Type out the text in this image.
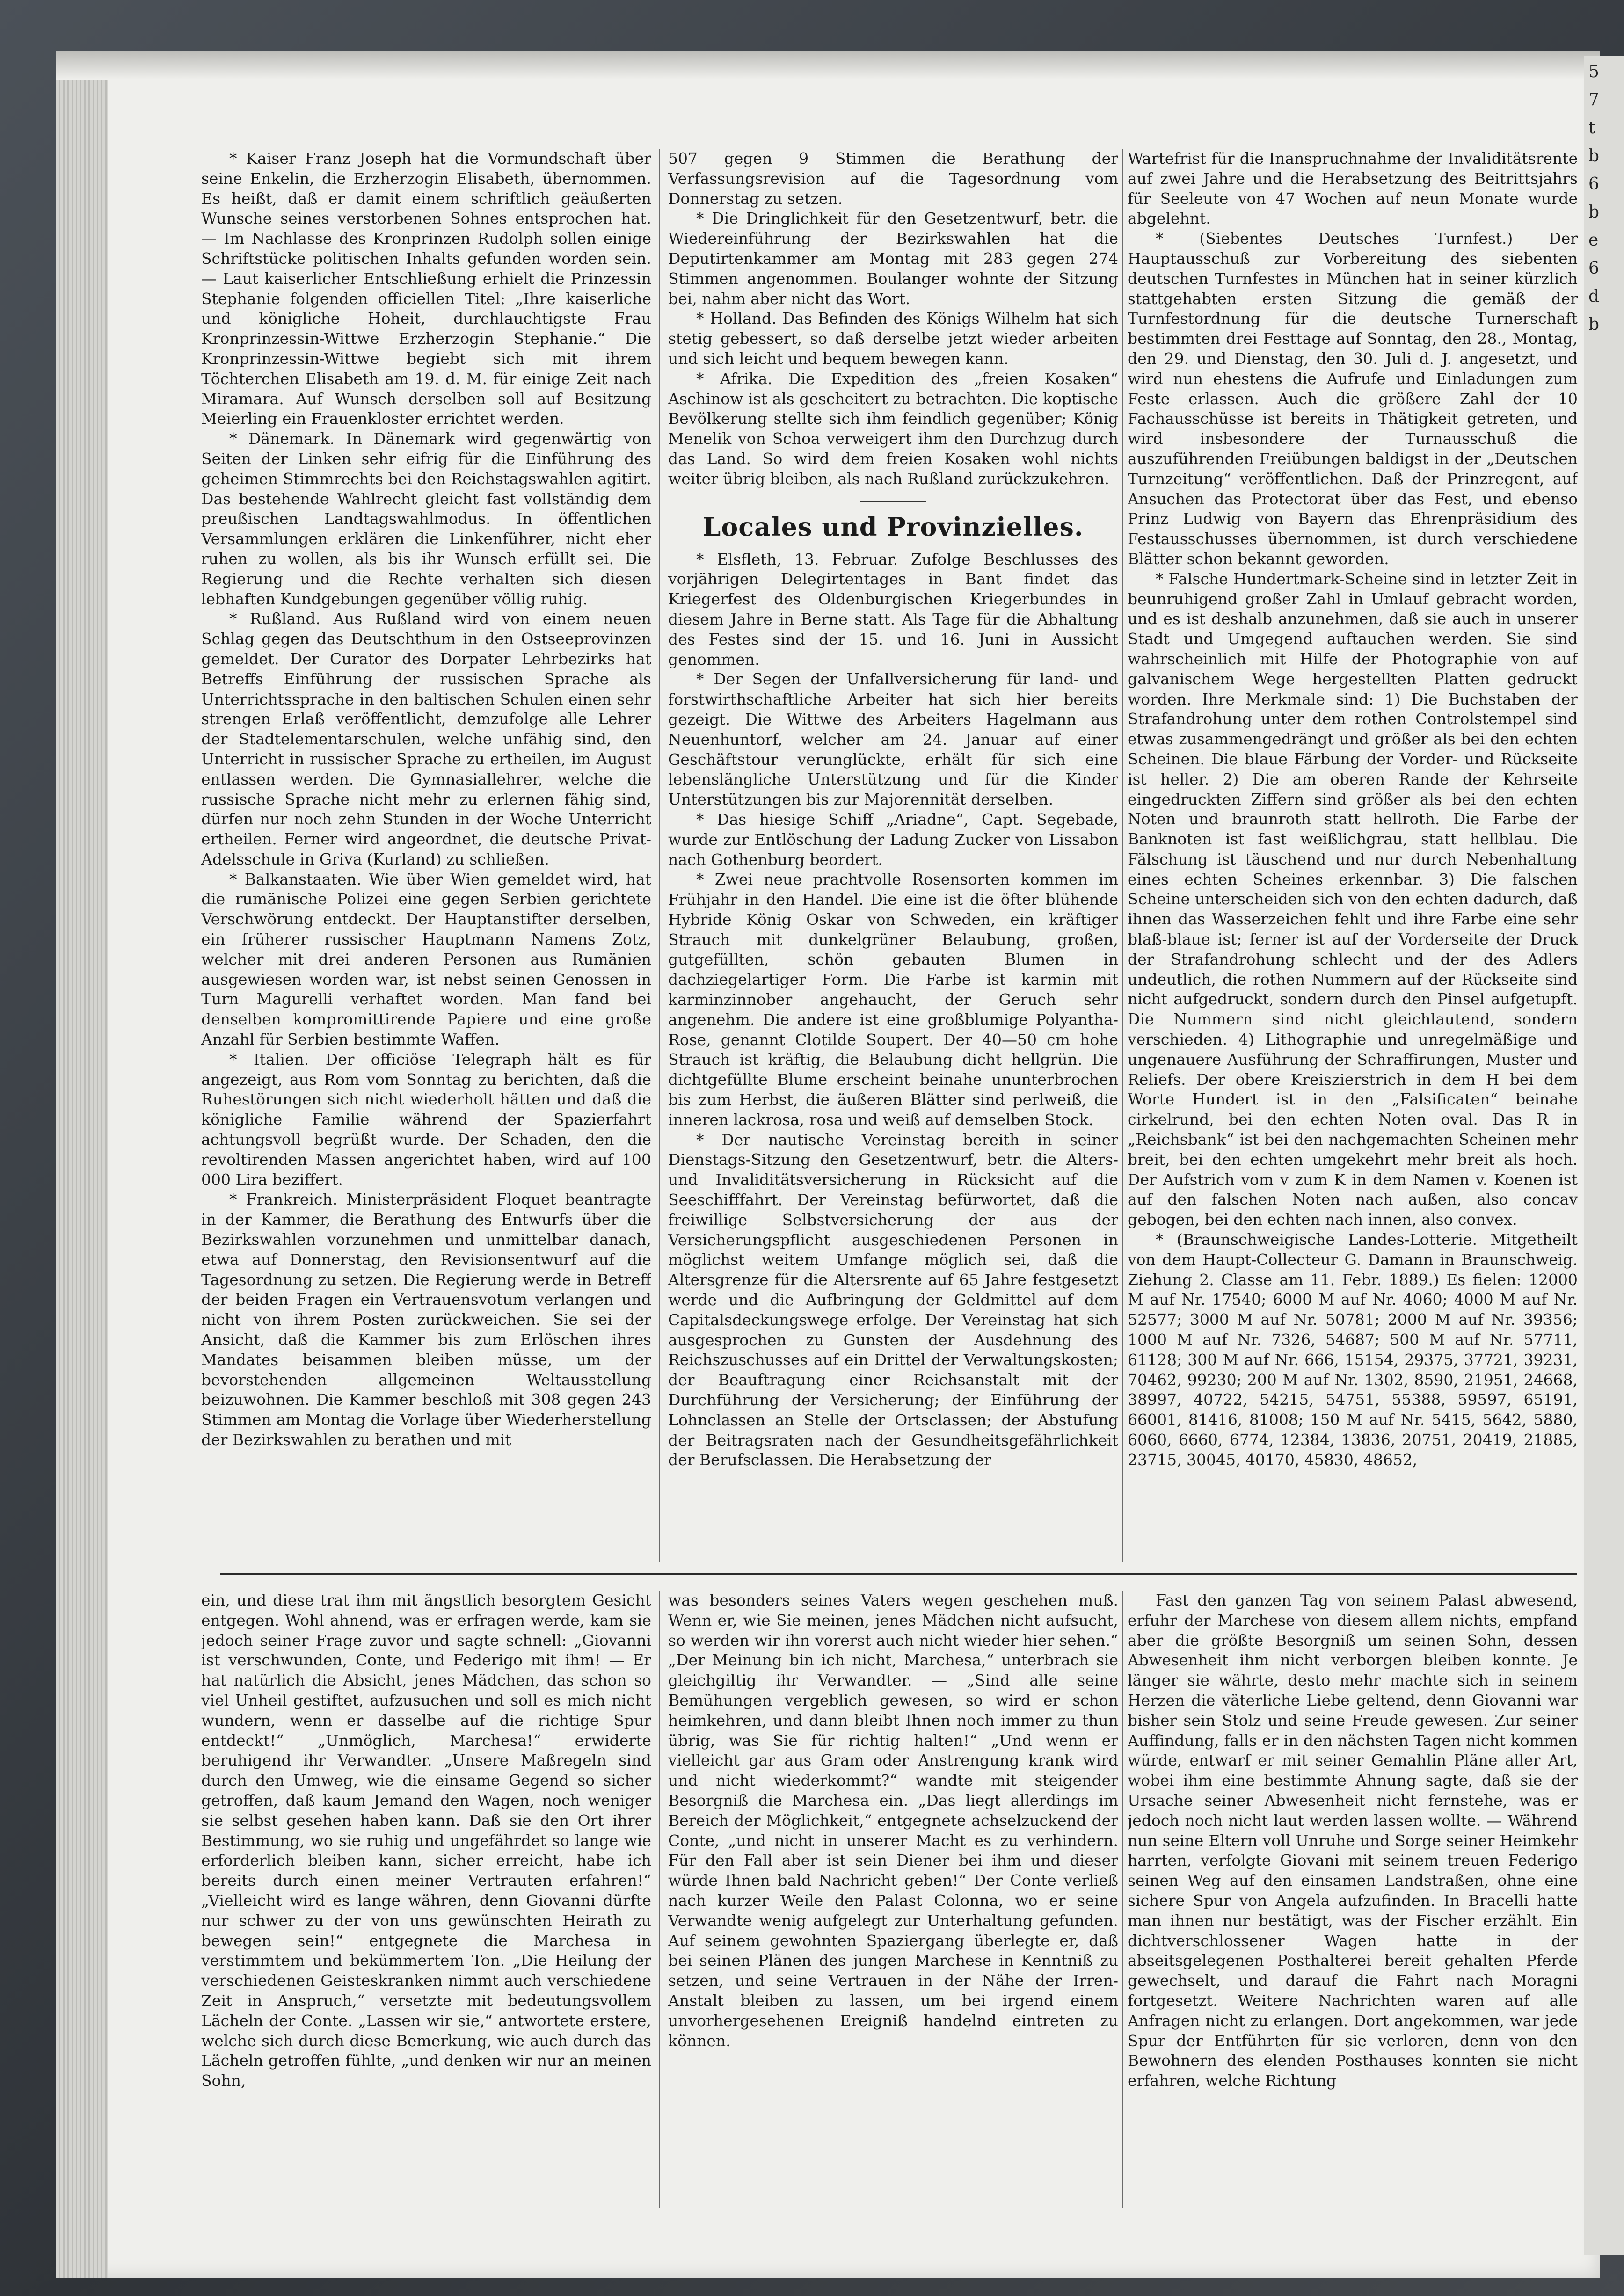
5
7
t
b
6
b
e
6
d
b

* Kaiser Franz Joseph hat die Vormundschaft über seine Enkelin, die Erzherzogin Elisabeth, übernommen. Es heißt, daß er damit einem schriftlich geäußerten Wunsche seines verstorbenen Sohnes entsprochen hat. — Im Nachlasse des Kronprinzen Rudolph sollen einige Schriftstücke politischen Inhalts gefunden worden sein. — Laut kaiserlicher Entschließung erhielt die Prinzessin Stephanie folgenden officiellen Titel: „Ihre kaiserliche und königliche Hoheit, durchlauchtigste Frau Kronprinzessin-Wittwe Erzherzogin Stephanie.“ Die Kronprinzessin-Wittwe begiebt sich mit ihrem Töchterchen Elisabeth am 19. d. M. für einige Zeit nach Miramara. Auf Wunsch derselben soll auf Besitzung Meierling ein Frauenkloster errichtet werden.

* Dänemark. In Dänemark wird gegenwärtig von Seiten der Linken sehr eifrig für die Einführung des geheimen Stimmrechts bei den Reichstagswahlen agitirt. Das bestehende Wahlrecht gleicht fast vollständig dem preußischen Landtagswahlmodus. In öffentlichen Versammlungen erklären die Linkenführer, nicht eher ruhen zu wollen, als bis ihr Wunsch erfüllt sei. Die Regierung und die Rechte verhalten sich diesen lebhaften Kundgebungen gegenüber völlig ruhig.

* Rußland. Aus Rußland wird von einem neuen Schlag gegen das Deutschthum in den Ostseeprovinzen gemeldet. Der Curator des Dorpater Lehrbezirks hat Betreffs Einführung der russischen Sprache als Unterrichtssprache in den baltischen Schulen einen sehr strengen Erlaß veröffentlicht, demzufolge alle Lehrer der Stadtelementarschulen, welche unfähig sind, den Unterricht in russischer Sprache zu ertheilen, im August entlassen werden. Die Gymnasiallehrer, welche die russische Sprache nicht mehr zu erlernen fähig sind, dürfen nur noch zehn Stunden in der Woche Unterricht ertheilen. Ferner wird angeordnet, die deutsche Privat-Adelsschule in Griva (Kurland) zu schließen.

* Balkanstaaten. Wie über Wien gemeldet wird, hat die rumänische Polizei eine gegen Serbien gerichtete Verschwörung entdeckt. Der Hauptanstifter derselben, ein früherer russischer Hauptmann Namens Zotz, welcher mit drei anderen Personen aus Rumänien ausgewiesen worden war, ist nebst seinen Genossen in Turn Magurelli verhaftet worden. Man fand bei denselben kompromittirende Papiere und eine große Anzahl für Serbien bestimmte Waffen.

* Italien. Der officiöse Telegraph hält es für angezeigt, aus Rom vom Sonntag zu berichten, daß die Ruhestörungen sich nicht wiederholt hätten und daß die königliche Familie während der Spazierfahrt achtungsvoll begrüßt wurde. Der Schaden, den die revoltirenden Massen angerichtet haben, wird auf 100 000 Lira beziffert.

* Frankreich. Ministerpräsident Floquet beantragte in der Kammer, die Berathung des Entwurfs über die Bezirkswahlen vorzunehmen und unmittelbar danach, etwa auf Donnerstag, den Revisionsentwurf auf die Tagesordnung zu setzen. Die Regierung werde in Betreff der beiden Fragen ein Vertrauensvotum verlangen und nicht von ihrem Posten zurückweichen. Sie sei der Ansicht, daß die Kammer bis zum Erlöschen ihres Mandates beisammen bleiben müsse, um der bevorstehenden allgemeinen Weltausstellung beizuwohnen. Die Kammer beschloß mit 308 gegen 243 Stimmen am Montag die Vorlage über Wiederherstellung der Bezirkswahlen zu berathen und mit

507 gegen 9 Stimmen die Berathung der Verfassungsrevision auf die Tagesordnung vom Donnerstag zu setzen.

* Die Dringlichkeit für den Gesetzentwurf, betr. die Wiedereinführung der Bezirkswahlen hat die Deputirtenkammer am Montag mit 283 gegen 274 Stimmen angenommen. Boulanger wohnte der Sitzung bei, nahm aber nicht das Wort.

* Holland. Das Befinden des Königs Wilhelm hat sich stetig gebessert, so daß derselbe jetzt wieder arbeiten und sich leicht und bequem bewegen kann.

* Afrika. Die Expedition des „freien Kosaken“ Aschinow ist als gescheitert zu betrachten. Die koptische Bevölkerung stellte sich ihm feindlich gegenüber; König Menelik von Schoa verweigert ihm den Durchzug durch das Land. So wird dem freien Kosaken wohl nichts weiter übrig bleiben, als nach Rußland zurückzukehren.

Locales und Provinzielles.

* Elsfleth, 13. Februar. Zufolge Beschlusses des vorjährigen Delegirtentages in Bant findet das Kriegerfest des Oldenburgischen Kriegerbundes in diesem Jahre in Berne statt. Als Tage für die Abhaltung des Festes sind der 15. und 16. Juni in Aussicht genommen.

* Der Segen der Unfallversicherung für land- und forstwirthschaftliche Arbeiter hat sich hier bereits gezeigt. Die Wittwe des Arbeiters Hagelmann aus Neuenhuntorf, welcher am 24. Januar auf einer Geschäftstour verunglückte, erhält für sich eine lebenslängliche Unterstützung und für die Kinder Unterstützungen bis zur Majorennität derselben.

* Das hiesige Schiff „Ariadne“, Capt. Segebade, wurde zur Entlöschung der Ladung Zucker von Lissabon nach Gothenburg beordert.

* Zwei neue prachtvolle Rosensorten kommen im Frühjahr in den Handel. Die eine ist die öfter blühende Hybride König Oskar von Schweden, ein kräftiger Strauch mit dunkelgrüner Belaubung, großen, gutgefüllten, schön gebauten Blumen in dachziegelartiger Form. Die Farbe ist karmin mit karminzinnober angehaucht, der Geruch sehr angenehm. Die andere ist eine großblumige Polyantha-Rose, genannt Clotilde Soupert. Der 40—50 cm hohe Strauch ist kräftig, die Belaubung dicht hellgrün. Die dichtgefüllte Blume erscheint beinahe ununterbrochen bis zum Herbst, die äußeren Blätter sind perlweiß, die inneren lackrosa, rosa und weiß auf demselben Stock.

* Der nautische Vereinstag bereith in seiner Dienstags-Sitzung den Gesetzentwurf, betr. die Alters- und Invaliditätsversicherung in Rücksicht auf die Seeschifffahrt. Der Vereinstag befürwortet, daß die freiwillige Selbstversicherung der aus der Versicherungspflicht ausgeschiedenen Personen in möglichst weitem Umfange möglich sei, daß die Altersgrenze für die Altersrente auf 65 Jahre festgesetzt werde und die Aufbringung der Geldmittel auf dem Capitalsdeckungswege erfolge. Der Vereinstag hat sich ausgesprochen zu Gunsten der Ausdehnung des Reichszuschusses auf ein Drittel der Verwaltungskosten; der Beauftragung einer Reichsanstalt mit der Durchführung der Versicherung; der Einführung der Lohnclassen an Stelle der Ortsclassen; der Abstufung der Beitragsraten nach der Gesundheitsgefährlichkeit der Berufsclassen. Die Herabsetzung der

Wartefrist für die Inanspruchnahme der Invaliditätsrente auf zwei Jahre und die Herabsetzung des Beitrittsjahrs für Seeleute von 47 Wochen auf neun Monate wurde abgelehnt.

* (Siebentes Deutsches Turnfest.) Der Hauptausschuß zur Vorbereitung des siebenten deutschen Turnfestes in München hat in seiner kürzlich stattgehabten ersten Sitzung die gemäß der Turnfestordnung für die deutsche Turnerschaft bestimmten drei Festtage auf Sonntag, den 28., Montag, den 29. und Dienstag, den 30. Juli d. J. angesetzt, und wird nun ehestens die Aufrufe und Einladungen zum Feste erlassen. Auch die größere Zahl der 10 Fachausschüsse ist bereits in Thätigkeit getreten, und wird insbesondere der Turnausschuß die auszuführenden Freiübungen baldigst in der „Deutschen Turnzeitung“ veröffentlichen. Daß der Prinzregent, auf Ansuchen das Protectorat über das Fest, und ebenso Prinz Ludwig von Bayern das Ehrenpräsidium des Festausschusses übernommen, ist durch verschiedene Blätter schon bekannt geworden.

* Falsche Hundertmark-Scheine sind in letzter Zeit in beunruhigend großer Zahl in Umlauf gebracht worden, und es ist deshalb anzunehmen, daß sie auch in unserer Stadt und Umgegend auftauchen werden. Sie sind wahrscheinlich mit Hilfe der Photographie von auf galvanischem Wege hergestellten Platten gedruckt worden. Ihre Merkmale sind: 1) Die Buchstaben der Strafandrohung unter dem rothen Controlstempel sind etwas zusammengedrängt und größer als bei den echten Scheinen. Die blaue Färbung der Vorder- und Rückseite ist heller. 2) Die am oberen Rande der Kehrseite eingedruckten Ziffern sind größer als bei den echten Noten und braunroth statt hellroth. Die Farbe der Banknoten ist fast weißlichgrau, statt hellblau. Die Fälschung ist täuschend und nur durch Nebenhaltung eines echten Scheines erkennbar. 3) Die falschen Scheine unterscheiden sich von den echten dadurch, daß ihnen das Wasserzeichen fehlt und ihre Farbe eine sehr blaß-blaue ist; ferner ist auf der Vorderseite der Druck der Strafandrohung schlecht und der des Adlers undeutlich, die rothen Nummern auf der Rückseite sind nicht aufgedruckt, sondern durch den Pinsel aufgetupft. Die Nummern sind nicht gleichlautend, sondern verschieden. 4) Lithographie und unregelmäßige und ungenauere Ausführung der Schraffirungen, Muster und Reliefs. Der obere Kreiszierstrich in dem H bei dem Worte Hundert ist in den „Falsificaten“ beinahe cirkelrund, bei den echten Noten oval. Das R in „Reichsbank“ ist bei den nachgemachten Scheinen mehr breit, bei den echten umgekehrt mehr breit als hoch. Der Aufstrich vom v zum K in dem Namen v. Koenen ist auf den falschen Noten nach außen, also concav gebogen, bei den echten nach innen, also convex.

* (Braunschweigische Landes-Lotterie. Mitgetheilt von dem Haupt-Collecteur G. Damann in Braunschweig. Ziehung 2. Classe am 11. Febr. 1889.) Es fielen: 12000 M auf Nr. 17540; 6000 M auf Nr. 4060; 4000 M auf Nr. 52577; 3000 M auf Nr. 50781; 2000 M auf Nr. 39356; 1000 M auf Nr. 7326, 54687; 500 M auf Nr. 57711, 61128; 300 M auf Nr. 666, 15154, 29375, 37721, 39231, 70462, 99230; 200 M auf Nr. 1302, 8590, 21951, 24668, 38997, 40722, 54215, 54751, 55388, 59597, 65191, 66001, 81416, 81008; 150 M auf Nr. 5415, 5642, 5880, 6060, 6660, 6774, 12384, 13836, 20751, 20419, 21885, 23715, 30045, 40170, 45830, 48652,

ein, und diese trat ihm mit ängstlich besorgtem Gesicht entgegen. Wohl ahnend, was er erfragen werde, kam sie jedoch seiner Frage zuvor und sagte schnell: „Giovanni ist verschwunden, Conte, und Federigo mit ihm! — Er hat natürlich die Absicht, jenes Mädchen, das schon so viel Unheil gestiftet, aufzusuchen und soll es mich nicht wundern, wenn er dasselbe auf die richtige Spur entdeckt!“ „Unmöglich, Marchesa!“ erwiderte beruhigend ihr Verwandter. „Unsere Maßregeln sind durch den Umweg, wie die einsame Gegend so sicher getroffen, daß kaum Jemand den Wagen, noch weniger sie selbst gesehen haben kann. Daß sie den Ort ihrer Bestimmung, wo sie ruhig und ungefährdet so lange wie erforderlich bleiben kann, sicher erreicht, habe ich bereits durch einen meiner Vertrauten erfahren!“ „Vielleicht wird es lange währen, denn Giovanni dürfte nur schwer zu der von uns gewünschten Heirath zu bewegen sein!“ entgegnete die Marchesa in verstimmtem und bekümmertem Ton. „Die Heilung der verschiedenen Geisteskranken nimmt auch verschiedene Zeit in Anspruch,“ versetzte mit bedeutungsvollem Lächeln der Conte. „Lassen wir sie,“ antwortete erstere, welche sich durch diese Bemerkung, wie auch durch das Lächeln getroffen fühlte, „und denken wir nur an meinen Sohn,

was besonders seines Vaters wegen geschehen muß. Wenn er, wie Sie meinen, jenes Mädchen nicht aufsucht, so werden wir ihn vorerst auch nicht wieder hier sehen.“ „Der Meinung bin ich nicht, Marchesa,“ unterbrach sie gleichgiltig ihr Verwandter. — „Sind alle seine Bemühungen vergeblich gewesen, so wird er schon heimkehren, und dann bleibt Ihnen noch immer zu thun übrig, was Sie für richtig halten!“ „Und wenn er vielleicht gar aus Gram oder Anstrengung krank wird und nicht wiederkommt?“ wandte mit steigender Besorgniß die Marchesa ein. „Das liegt allerdings im Bereich der Möglichkeit,“ entgegnete achselzuckend der Conte, „und nicht in unserer Macht es zu verhindern. Für den Fall aber ist sein Diener bei ihm und dieser würde Ihnen bald Nachricht geben!“ Der Conte verließ nach kurzer Weile den Palast Colonna, wo er seine Verwandte wenig aufgelegt zur Unterhaltung gefunden. Auf seinem gewohnten Spaziergang überlegte er, daß bei seinen Plänen des jungen Marchese in Kenntniß zu setzen, und seine Vertrauen in der Nähe der Irren-Anstalt bleiben zu lassen, um bei irgend einem unvorhergesehenen Ereigniß handelnd eintreten zu können.

Fast den ganzen Tag von seinem Palast abwesend, erfuhr der Marchese von diesem allem nichts, empfand aber die größte Besorgniß um seinen Sohn, dessen Abwesenheit ihm nicht verborgen bleiben konnte. Je länger sie währte, desto mehr machte sich in seinem Herzen die väterliche Liebe geltend, denn Giovanni war bisher sein Stolz und seine Freude gewesen. Zur seiner Auffindung, falls er in den nächsten Tagen nicht kommen würde, entwarf er mit seiner Gemahlin Pläne aller Art, wobei ihm eine bestimmte Ahnung sagte, daß sie der Ursache seiner Abwesenheit nicht fernstehe, was er jedoch noch nicht laut werden lassen wollte. — Während nun seine Eltern voll Unruhe und Sorge seiner Heimkehr harrten, verfolgte Giovani mit seinem treuen Federigo seinen Weg auf den einsamen Landstraßen, ohne eine sichere Spur von Angela aufzufinden. In Bracelli hatte man ihnen nur bestätigt, was der Fischer erzählt. Ein dichtverschlossener Wagen hatte in der abseitsgelegenen Posthalterei bereit gehalten Pferde gewechselt, und darauf die Fahrt nach Moragni fortgesetzt. Weitere Nachrichten waren auf alle Anfragen nicht zu erlangen. Dort angekommen, war jede Spur der Entführten für sie verloren, denn von den Bewohnern des elenden Posthauses konnten sie nicht erfahren, welche Richtung
